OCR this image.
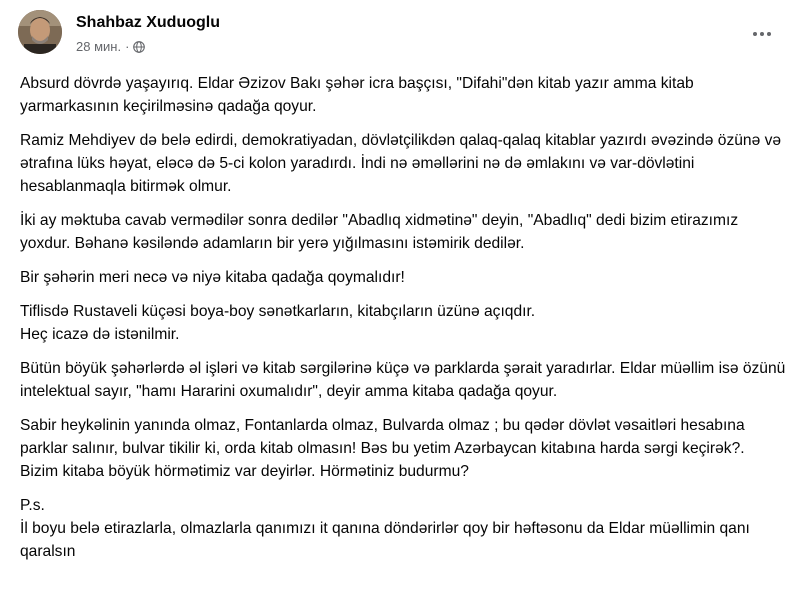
Shahbaz Xuduoglu
28 мин. ·

Absurd dövrdə yaşayırıq. Eldar Əzizov Bakı şəhər icra başçısı, "Difahi"dən kitab yazır amma kitab yarmarkasının keçirilməsinə qadağa qoyur.

Ramiz Mehdiyev də belə edirdi, demokratiyadan, dövlətçilikdən qalaq-qalaq kitablar yazırdı əvəzində özünə və ətrafına lüks həyat, eləcə də 5-ci kolon yaradırdı. İndi nə əməllərini nə də əmlakını və var-dövlətini hesablanmaqla bitirmək olmur.

İki ay məktuba cavab vermədilər sonra dedilər "Abadlıq xidmətinə" deyin, "Abadlıq" dedi bizim etirazımız yoxdur. Bəhanə kəsiləndə adamların bir yerə yığılmasını istəmirik dedilər.

Bir şəhərin meri necə və niyə kitaba qadağa qoymalıdır!

Tiflisdə Rustaveli küçəsi boya-boy sənətkarların, kitabçıların üzünə açıqdır.
Heç icazə də istənilmir.

Bütün böyük şəhərlərdə əl işləri və kitab sərgilərinə küçə və parklarda şərait yaradırlar. Eldar müəllim isə özünü intelektual sayır, "hamı Hararini oxumalıdır", deyir amma kitaba qadağa qoyur.

Sabir heykəlinin yanında olmaz, Fontanlarda olmaz, Bulvarda olmaz ; bu qədər dövlət vəsaitləri hesabına parklar salınır, bulvar tikilir ki, orda kitab olmasın! Bəs bu yetim Azərbaycan kitabına harda sərgi keçirək?.
Bizim kitaba böyük hörmətimiz var deyirlər. Hörmətiniz budurmu?

P.s.
İl boyu belə etirazlarla, olmazlarla qanımızı it qanına döndərirlər qoy bir həftəsonu da Eldar müəllimin qanı qaralsın
